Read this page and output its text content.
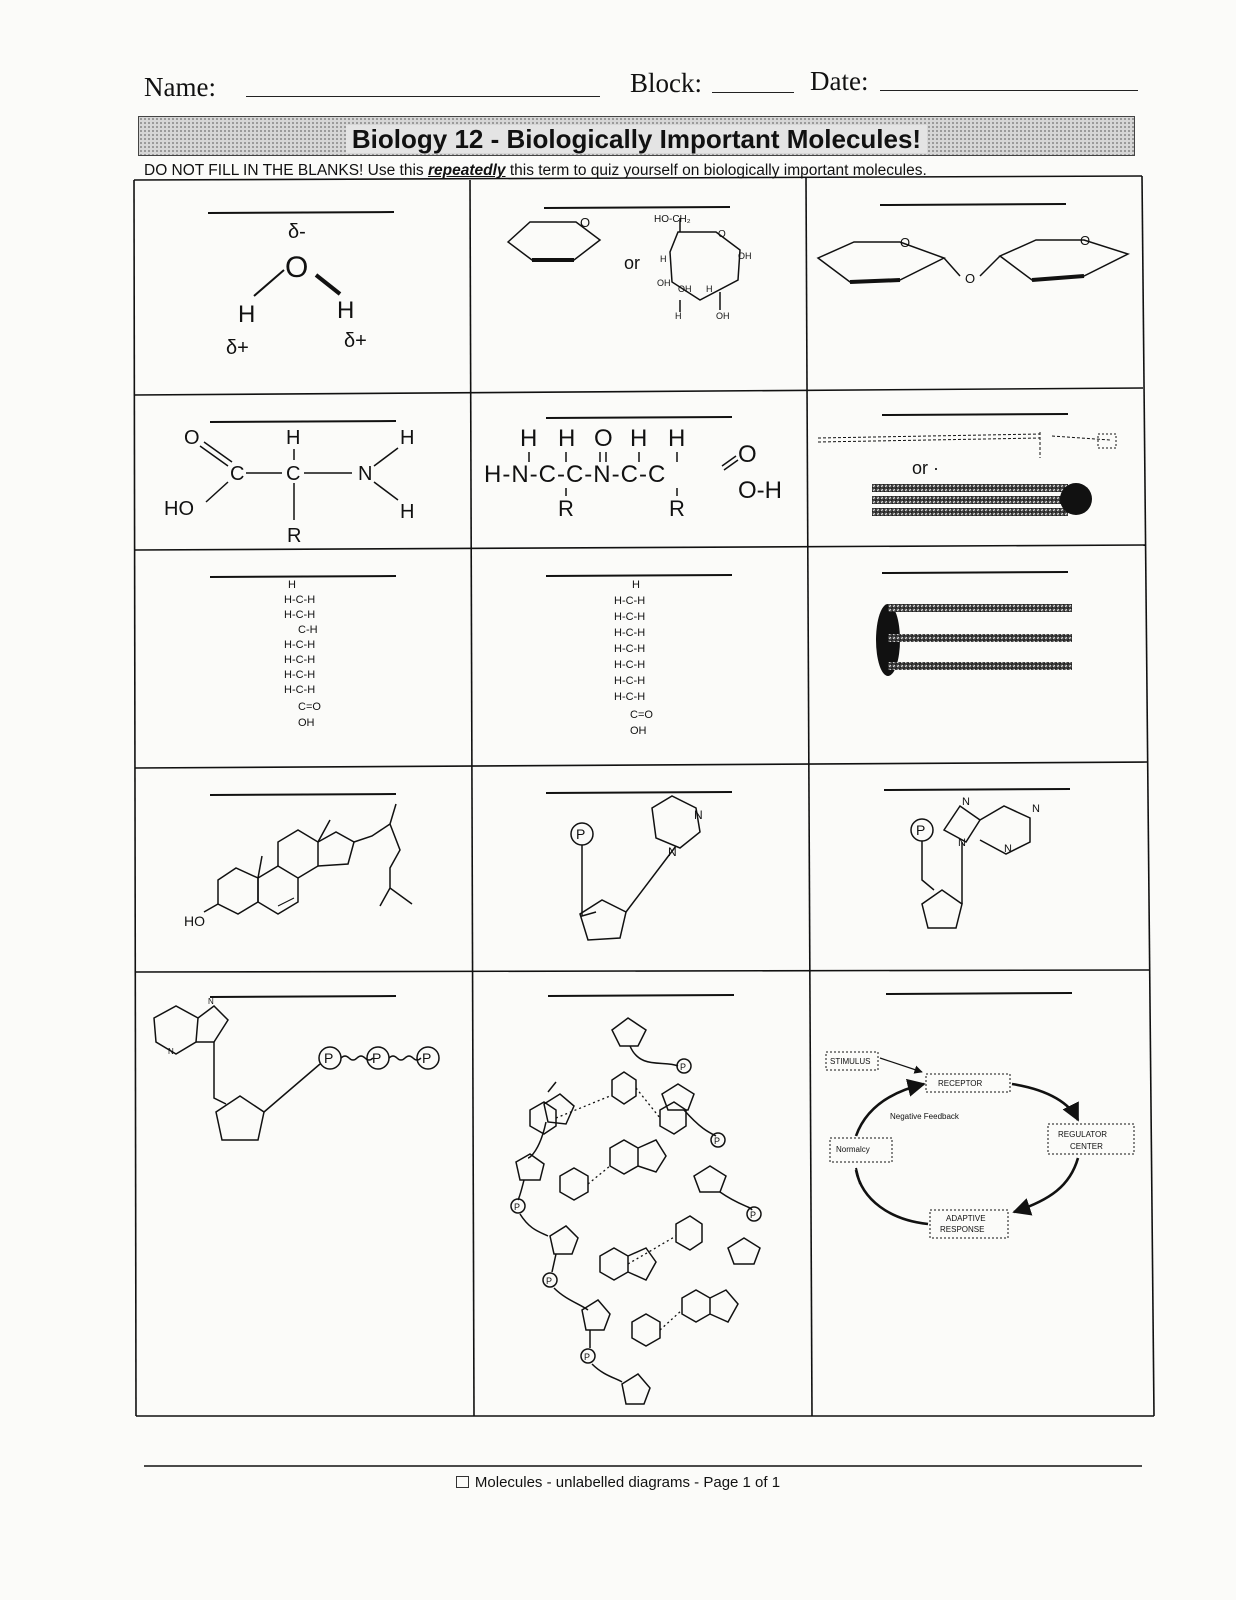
Name:	Block:	Date:
Biology 12 - Biologically Important Molecules!
DO NOT FILL IN THE BLANKS! Use this repeatedly this term to quiz yourself on biologically important molecules.
δ-
O
H	H
δ+	δ+
O
or
HO-CH₂
O
OH
OH
OH
OH
H
H
H
O	O
O
O
HO
C
H
C	N
H
H
R
H H O H H
H-N-C-C-N-C-C
O
O-H
R	R
or ·
H
H-C-H
H-C-H
C-H
H-C-H
H-C-H
H-C-H
H-C-H
C=O
OH
H
H-C-H
H-C-H
H-C-H
H-C-H
H-C-H
H-C-H
H-C-H
C=O
OH
HO
P
N
N
P
N
N
N
N
N
N	P	P	P
P
P
P
P
P
P
STIMULUS
RECEPTOR
Negative Feedback
Normalcy
REGULATOR
CENTER
ADAPTIVE
RESPONSE
Molecules - unlabelled diagrams - Page 1 of 1
